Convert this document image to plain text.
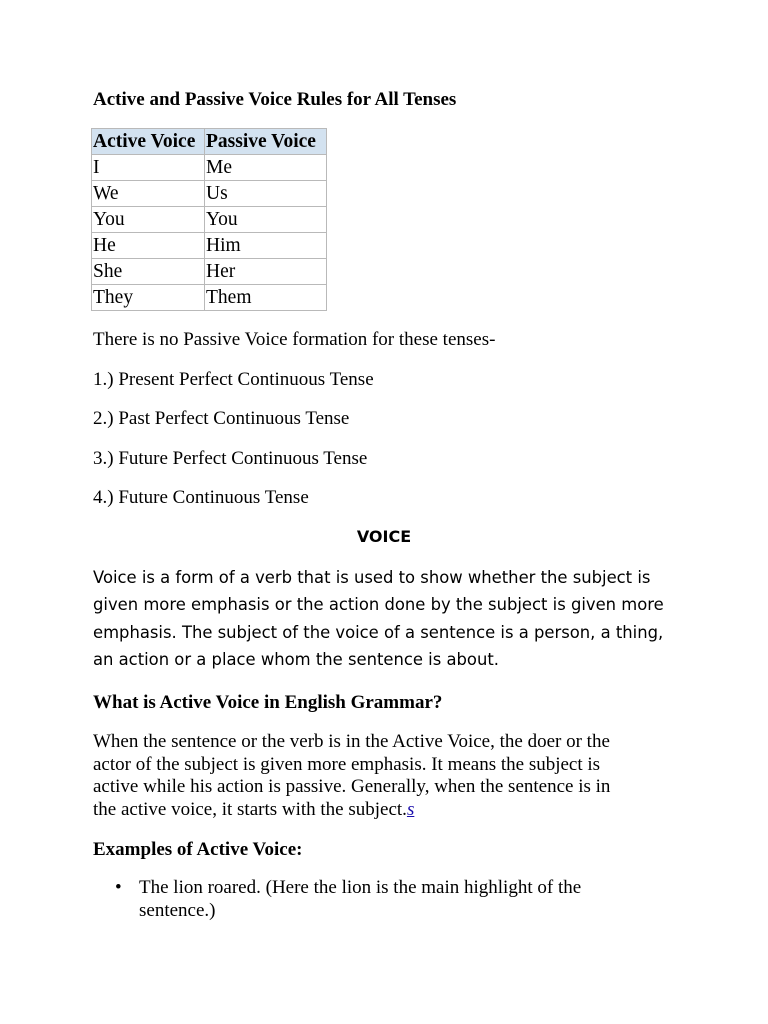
Active and Passive Voice Rules for All Tenses
Active Voice	Passive Voice
I	Me
We	Us
You	You
He	Him
She	Her
They	Them
There is no Passive Voice formation for these tenses-
1.) Present Perfect Continuous Tense
2.) Past Perfect Continuous Tense
3.) Future Perfect Continuous Tense
4.) Future Continuous Tense
VOICE
Voice is a form of a verb that is used to show whether the subject is
given more emphasis or the action done by the subject is given more
emphasis. The subject of the voice of a sentence is a person, a thing,
an action or a place whom the sentence is about.
What is Active Voice in English Grammar?
When the sentence or the verb is in the Active Voice, the doer or the
actor of the subject is given more emphasis. It means the subject is
active while his action is passive. Generally, when the sentence is in
the active voice, it starts with the subject.s
Examples of Active Voice:
• The lion roared. (Here the lion is the main highlight of the
sentence.)
